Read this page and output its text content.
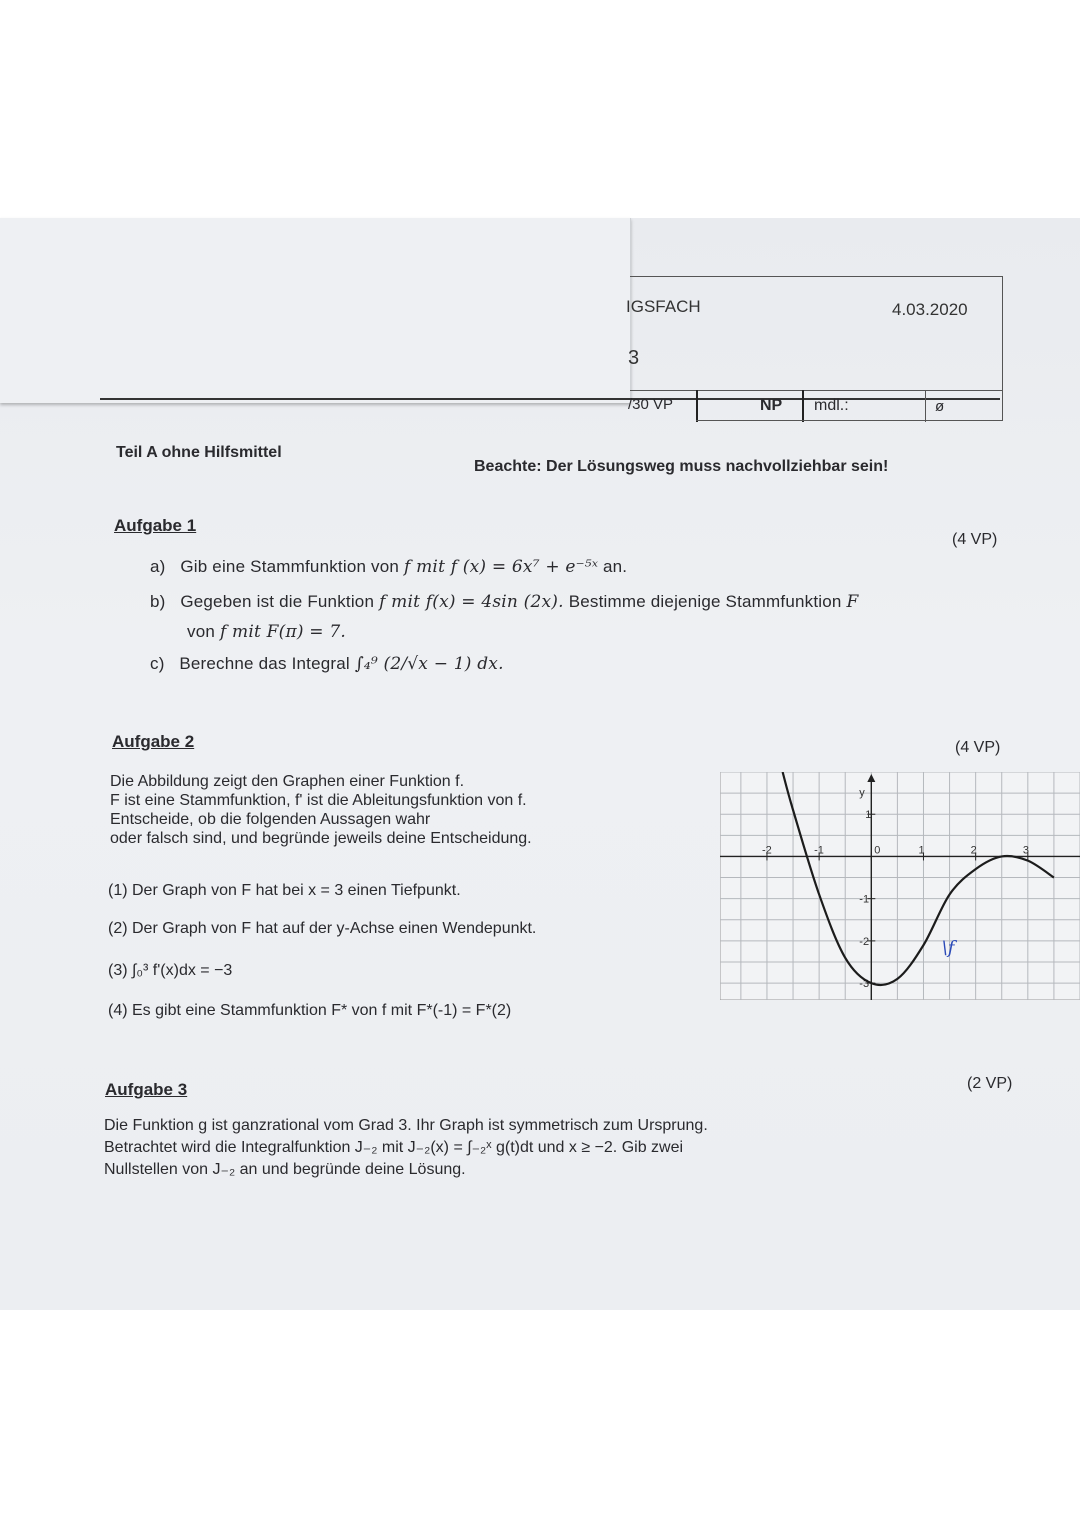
IGSFACH	4.03.2020
3
/30 VP	NP mdl.:	ø
Teil A ohne Hilfsmittel
Beachte: Der Lösungsweg muss nachvollziehbar sein!
Aufgabe 1
(4 VP)
a) Gib eine Stammfunktion von f mit f (x) = 6x⁷ + e⁻⁵ˣ an.
b) Gegeben ist die Funktion f mit f(x) = 4sin (2x). Bestimme diejenige Stammfunktion F
von f mit F(π) = 7.
c) Berechne das Integral ∫₄⁹ (2/√x − 1) dx.
Aufgabe 2	(4 VP)
Die Abbildung zeigt den Graphen einer Funktion f.
F ist eine Stammfunktion, f' ist die Ableitungsfunktion von f.
Entscheide, ob die folgenden Aussagen wahr
oder falsch sind, und begründe jeweils deine Entscheidung.
(1) Der Graph von F hat bei x = 3 einen Tiefpunkt.
(2) Der Graph von F hat auf der y-Achse einen Wendepunkt.
(3) ∫₀³ f'(x)dx = −3
(4) Es gibt eine Stammfunktion F* von f mit F*(-1) = F*(2)
-2	-1	0	1	2	3
1
-1
-2
-3
y
\f
Aufgabe 3	(2 VP)
Die Funktion g ist ganzrational vom Grad 3. Ihr Graph ist symmetrisch zum Ursprung.
Betrachtet wird die Integralfunktion J₋₂ mit J₋₂(x) = ∫₋₂ˣ g(t)dt und x ≥ −2. Gib zwei
Nullstellen von J₋₂ an und begründe deine Lösung.
